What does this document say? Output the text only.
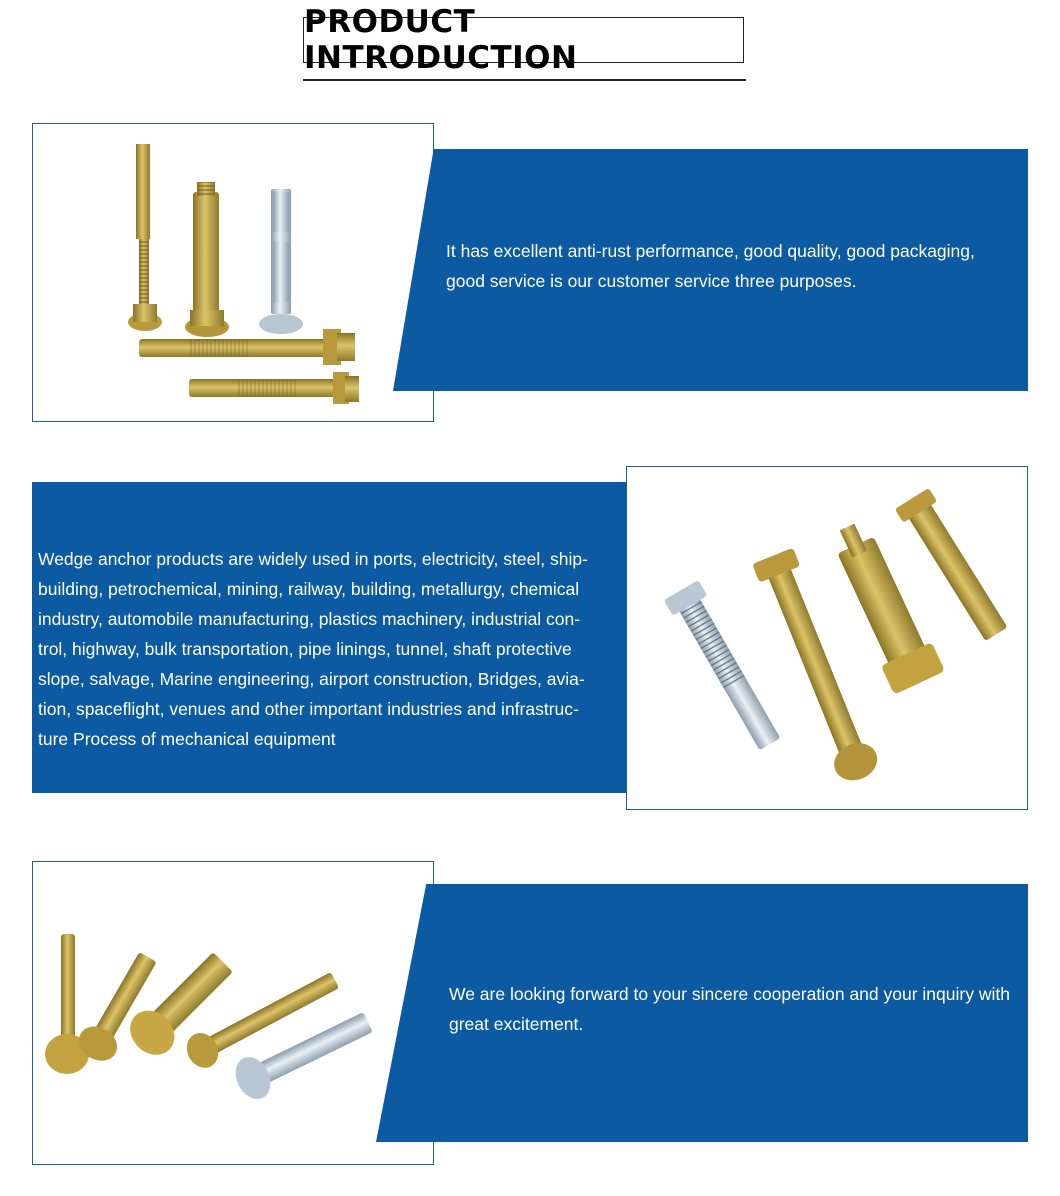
PRODUCT INTRODUCTION
It has excellent anti-rust performance, good quality, good packaging, good service is our customer service three purposes.
Wedge anchor products are widely used in ports, electricity, steel, ship-building, petrochemical, mining, railway, building, metallurgy, chemical industry, automobile manufacturing, plastics machinery, industrial con-trol, highway, bulk transportation, pipe linings, tunnel, shaft protective slope, salvage, Marine engineering, airport construction, Bridges, avia-tion, spaceflight, venues and other important industries and infrastruc-ture Process of mechanical equipment
We are looking forward to your sincere cooperation and your inquiry with great excitement.
